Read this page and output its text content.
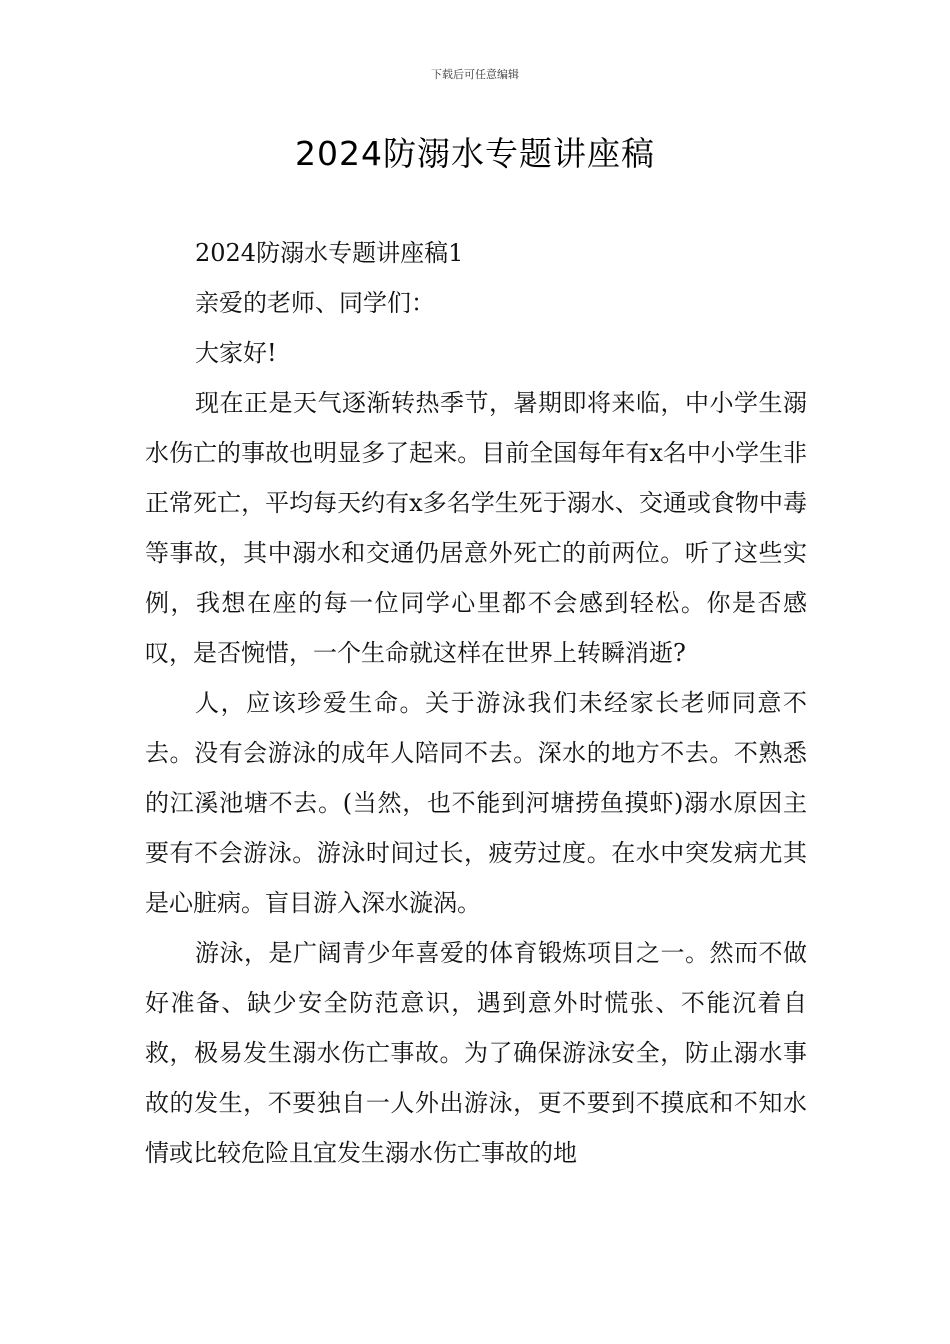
下载后可任意编辑
2024防溺水专题讲座稿

2024防溺水专题讲座稿1

亲爱的老师、同学们：

大家好!

现在正是天气逐渐转热季节，暑期即将来临，中小学生溺水伤亡的事故也明显多了起来。目前全国每年有x名中小学生非正常死亡，平均每天约有x多名学生死于溺水、交通或食物中毒等事故，其中溺水和交通仍居意外死亡的前两位。听了这些实例，我想在座的每一位同学心里都不会感到轻松。你是否感叹，是否惋惜，一个生命就这样在世界上转瞬消逝?

人，应该珍爱生命。关于游泳我们未经家长老师同意不去。没有会游泳的成年人陪同不去。深水的地方不去。不熟悉的江溪池塘不去。(当然，也不能到河塘捞鱼摸虾)溺水原因主要有不会游泳。游泳时间过长，疲劳过度。在水中突发病尤其是心脏病。盲目游入深水漩涡。

游泳，是广阔青少年喜爱的体育锻炼项目之一。然而不做好准备、缺少安全防范意识，遇到意外时慌张、不能沉着自救，极易发生溺水伤亡事故。为了确保游泳安全，防止溺水事故的发生，不要独自一人外出游泳，更不要到不摸底和不知水情或比较危险且宜发生溺水伤亡事故的地
